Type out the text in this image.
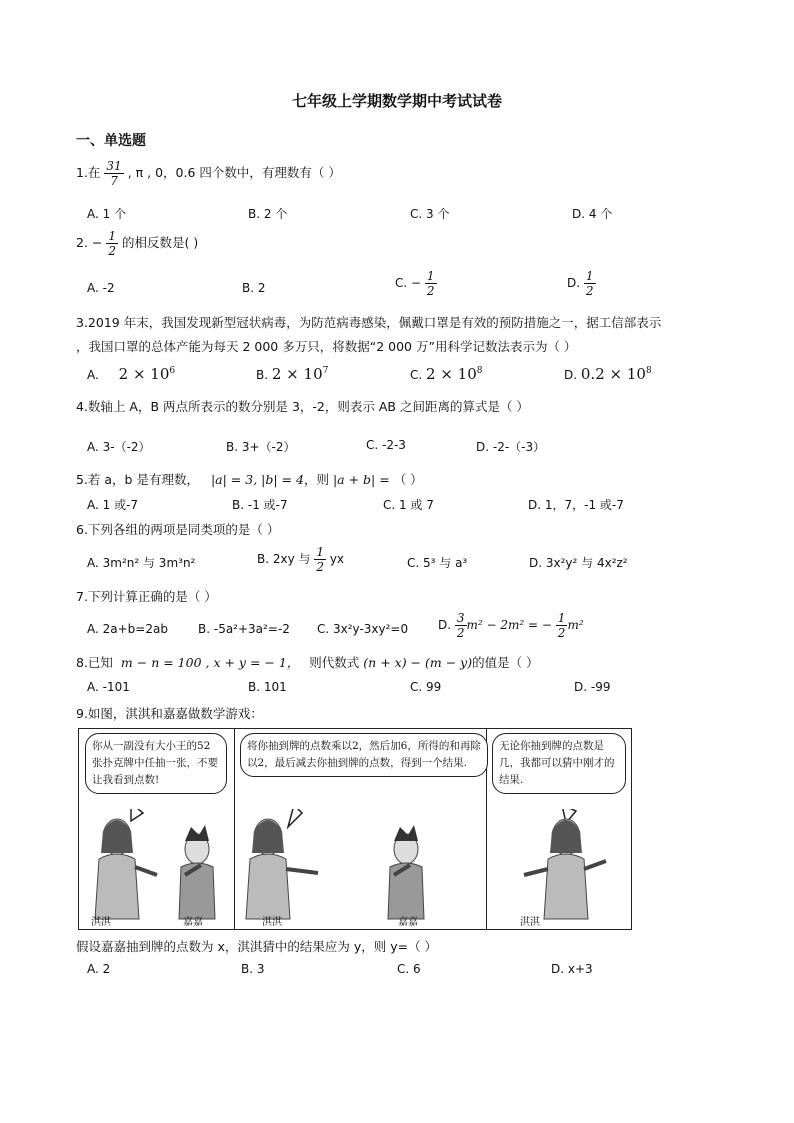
七年级上学期数学期中考试试卷
一、单选题
1.在 $\frac{31}{7}$ , π , 0，0.6 四个数中，有理数有（ ）
A. 1 个	B. 2 个	C. 3 个	D. 4 个
2. − $\frac{1}{2}$ 的相反数是( )
A. -2	B. 2	C. − $\frac{1}{2}$	D. $\frac{1}{2}$
3.2019 年末，我国发现新型冠状病毒，为防范病毒感染，佩戴口罩是有效的预防措施之一，据工信部表示
，我国口罩的总体产能为每天 2 000 多万只，将数据“2 000 万”用科学记数法表示为（ ）
A. $2 \times 10^6$	B. $2 \times 10^7$	C. $2 \times 10^8$	D. $0.2 \times 10^8$
4.数轴上 A，B 两点所表示的数分别是 3，-2，则表示 AB 之间距离的算式是（ ）
A. 3-（-2）	B. 3+（-2）	C. -2-3	D. -2-（-3）
5.若 a，b 是有理数， |a| = 3, |b| = 4，则 |a + b| = （ ）
A. 1 或-7	B. -1 或-7	C. 1 或 7	D. 1，7，-1 或-7
6.下列各组的两项是同类项的是（ ）
A. 3m²n² 与 3m³n²	B. 2xy 与 $\frac{1}{2}$ yx	C. 5³ 与 a³	D. 3x²y² 与 4x²z²
7.下列计算正确的是（ ）
A. 2a+b=2ab	B. -5a²+3a²=-2 C. 3x²y-3xy²=0 D. $\frac{3}{2} m^2 - 2m^2$ = − $\frac{1}{2} m^2$
8.已知 m − n = 100 , x + y = − 1， 则代数式 (n + x) − (m − y)的值是（ ）
A. -101	B. 101	C. 99	D. -99
9.如图，淇淇和嘉嘉做数学游戏：
你从一副没有大小王的52张扑克牌中任抽一张，不要让我看到点数!
淇淇	嘉嘉
将你抽到牌的点数乘以2，然后加6，所得的和再除以2，最后减去你抽到牌的点数，得到一个结果.
淇淇	嘉嘉
无论你抽到牌的点数是几，我都可以猜中刚才的结果.
淇淇
假设嘉嘉抽到牌的点数为 x，淇淇猜中的结果应为 y，则 y=（ ）
A. 2	B. 3	C. 6	D. x+3
